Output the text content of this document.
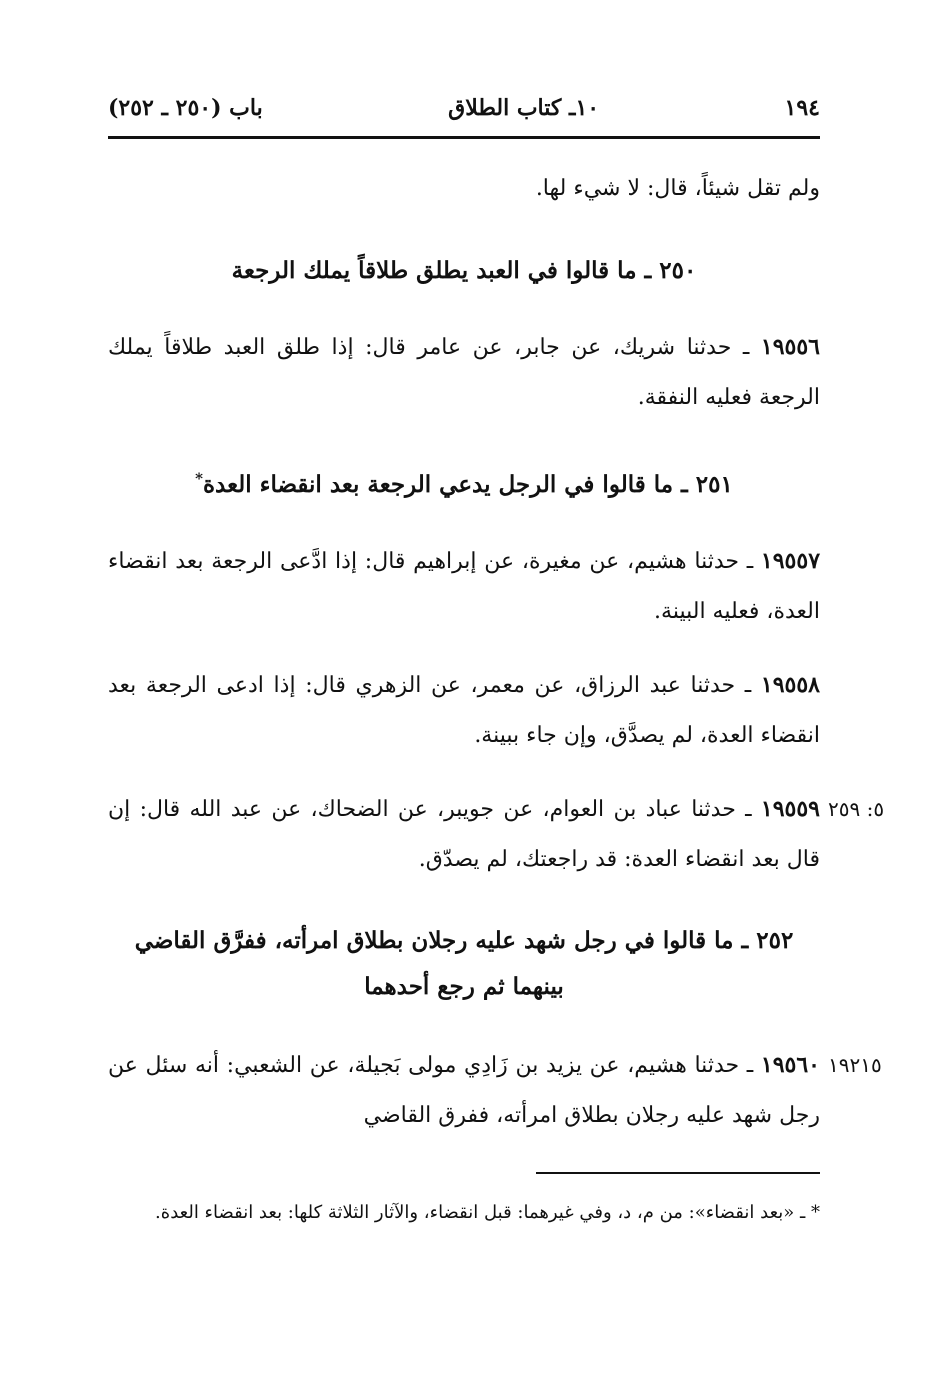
١٩٤
١٠ـ كتاب الطلاق
باب (٢٥٠ ـ ٢٥٢)
ولم تقل شيئاً، قال: لا شيء لها.
٢٥٠ ـ ما قالوا في العبد يطلق طلاقاً يملك الرجعة
١٩٥٥٦ ـ حدثنا شريك، عن جابر، عن عامر قال: إذا طلق العبد طلاقاً يملك الرجعة فعليه النفقة.
٢٥١ ـ ما قالوا في الرجل يدعي الرجعة بعد انقضاء العدة*
١٩٥٥٧ ـ حدثنا هشيم، عن مغيرة، عن إبراهيم قال: إذا ادَّعى الرجعة بعد انقضاء العدة، فعليه البينة.
١٩٥٥٨ ـ حدثنا عبد الرزاق، عن معمر، عن الزهري قال: إذا ادعى الرجعة بعد انقضاء العدة، لم يصدَّق، وإن جاء ببينة.
٥: ٢٥٩
١٩٥٥٩ ـ حدثنا عباد بن العوام، عن جويبر، عن الضحاك، عن عبد الله قال: إن قال بعد انقضاء العدة: قد راجعتك، لم يصدّق.
٢٥٢ ـ ما قالوا في رجل شهد عليه رجلان بطلاق امرأته، ففرَّق القاضي بينهما ثم رجع أحدهما
١٩٢١٥
١٩٥٦٠ ـ حدثنا هشيم، عن يزيد بن زَادِي مولى بَجيلة، عن الشعبي: أنه سئل عن رجل شهد عليه رجلان بطلاق امرأته، ففرق القاضي
* ـ «بعد انقضاء»: من م، د، وفي غيرهما: قبل انقضاء، والآثار الثلاثة كلها: بعد انقضاء العدة.
